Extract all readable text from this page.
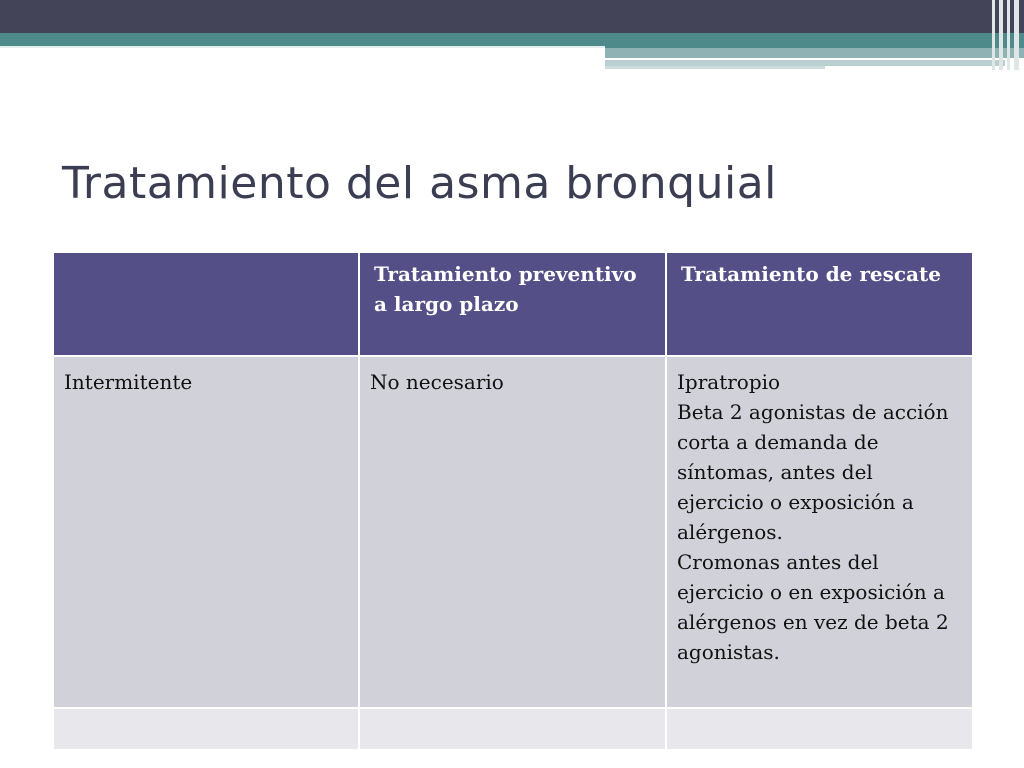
Tratamiento del asma bronquial
	Tratamiento preventivo a largo plazo	Tratamiento de rescate
Intermitente	No necesario	Ipratropio
Beta 2 agonistas de acción corta a demanda de síntomas, antes del ejercicio o exposición a alérgenos.
Cromonas antes del ejercicio o en exposición a alérgenos en vez de beta 2 agonistas.
